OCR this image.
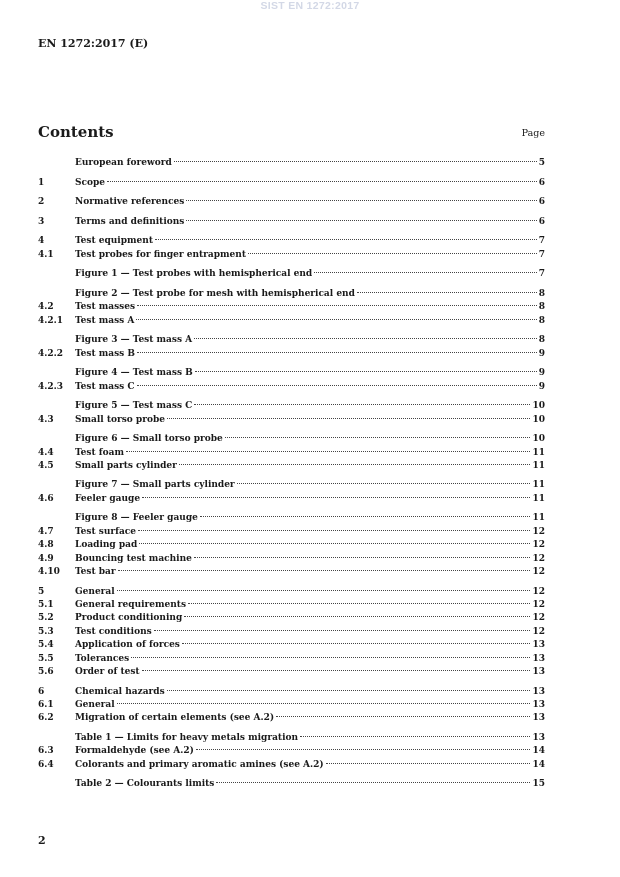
SIST EN 1272:2017
EN 1272:2017 (E)
Contents	Page
European foreword	5
1	Scope	6
2	Normative references	6
3	Terms and definitions	6
4	Test equipment	7
4.1	Test probes for finger entrapment	7
Figure 1 — Test probes with hemispherical end	7
Figure 2 — Test probe for mesh with hemispherical end	8
4.2	Test masses	8
4.2.1	Test mass A	8
Figure 3 — Test mass A	8
4.2.2	Test mass B	9
Figure 4 — Test mass B	9
4.2.3	Test mass C	9
Figure 5 — Test mass C	10
4.3	Small torso probe	10
Figure 6 — Small torso probe	10
4.4	Test foam	11
4.5	Small parts cylinder	11
Figure 7 — Small parts cylinder	11
4.6	Feeler gauge	11
Figure 8 — Feeler gauge	11
4.7	Test surface	12
4.8	Loading pad	12
4.9	Bouncing test machine	12
4.10	Test bar	12
5	General	12
5.1	General requirements	12
5.2	Product conditioning	12
5.3	Test conditions	12
5.4	Application of forces	13
5.5	Tolerances	13
5.6	Order of test	13
6	Chemical hazards	13
6.1	General	13
6.2	Migration of certain elements (see A.2)	13
Table 1 — Limits for heavy metals migration	13
6.3	Formaldehyde (see A.2)	14
6.4	Colorants and primary aromatic amines (see A.2)	14
Table 2 — Colourants limits	15
2
